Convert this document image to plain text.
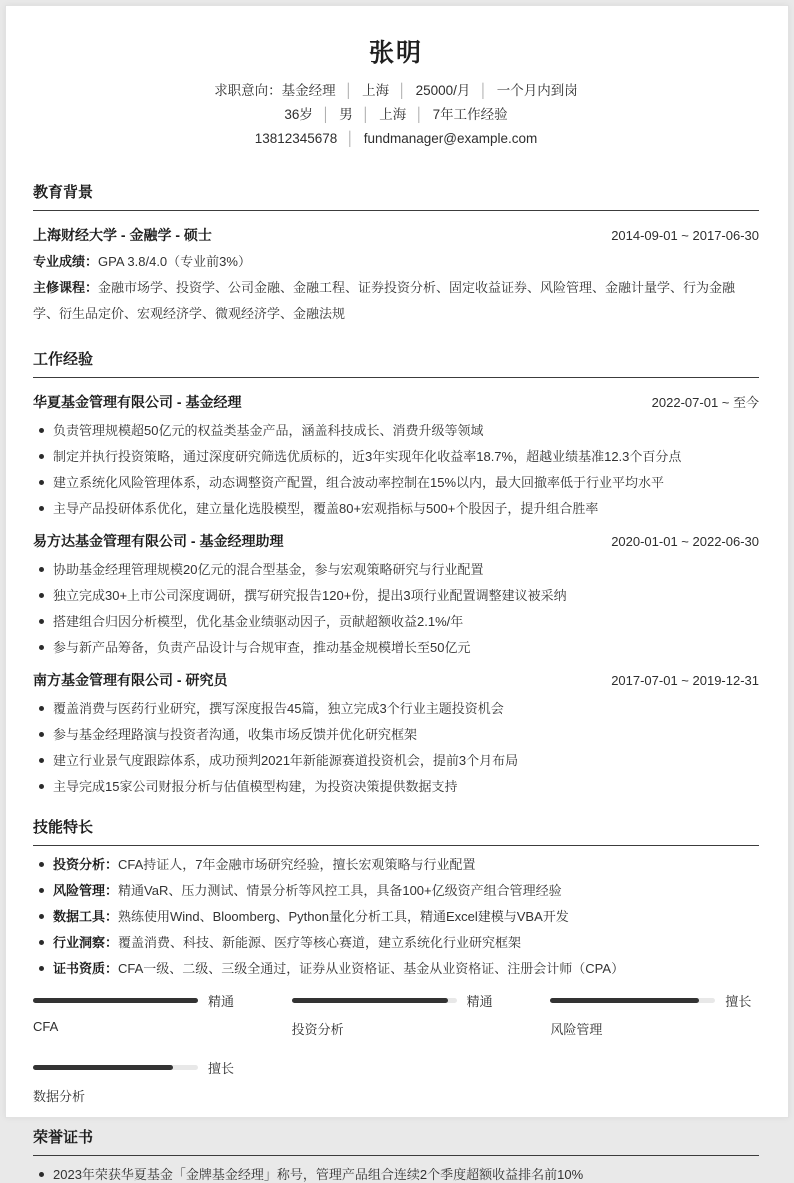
张明
求职意向：基金经理 │ 上海 │ 25000/月 │ 一个月内到岗
36岁 │ 男 │ 上海 │ 7年工作经验
13812345678 │ fundmanager@example.com
教育背景
上海财经大学 - 金融学 - 硕士	2014-09-01 ~ 2017-06-30

专业成绩：GPA 3.8/4.0（专业前3%）

主修课程：金融市场学、投资学、公司金融、金融工程、证券投资分析、固定收益证券、风险管理、金融计量学、行为金融学、衍生品定价、宏观经济学、微观经济学、金融法规

工作经验
华夏基金管理有限公司 - 基金经理	2022-07-01 ~ 至今
负责管理规模超50亿元的权益类基金产品，涵盖科技成长、消费升级等领域
制定并执行投资策略，通过深度研究筛选优质标的，近3年实现年化收益率18.7%，超越业绩基准12.3个百分点
建立系统化风险管理体系，动态调整资产配置，组合波动率控制在15%以内，最大回撤率低于行业平均水平
主导产品投研体系优化，建立量化选股模型，覆盖80+宏观指标与500+个股因子，提升组合胜率
易方达基金管理有限公司 - 基金经理助理	2020-01-01 ~ 2022-06-30
协助基金经理管理规模20亿元的混合型基金，参与宏观策略研究与行业配置
独立完成30+上市公司深度调研，撰写研究报告120+份，提出3项行业配置调整建议被采纳
搭建组合归因分析模型，优化基金业绩驱动因子，贡献超额收益2.1%/年
参与新产品筹备，负责产品设计与合规审查，推动基金规模增长至50亿元
南方基金管理有限公司 - 研究员	2017-07-01 ~ 2019-12-31
覆盖消费与医药行业研究，撰写深度报告45篇，独立完成3个行业主题投资机会
参与基金经理路演与投资者沟通，收集市场反馈并优化研究框架
建立行业景气度跟踪体系，成功预判2021年新能源赛道投资机会，提前3个月布局
主导完成15家公司财报分析与估值模型构建，为投资决策提供数据支持
技能特长
投资分析：CFA持证人，7年金融市场研究经验，擅长宏观策略与行业配置
风险管理：精通VaR、压力测试、情景分析等风控工具，具备100+亿级资产组合管理经验
数据工具：熟练使用Wind、Bloomberg、Python量化分析工具，精通Excel建模与VBA开发
行业洞察：覆盖消费、科技、新能源、医疗等核心赛道，建立系统化行业研究框架
证书资质：CFA一级、二级、三级全通过，证券从业资格证、基金从业资格证、注册会计师（CPA）
精通
CFA
精通
投资分析
擅长
风险管理
擅长
数据分析
荣誉证书
2023年荣获华夏基金「金牌基金经理」称号，管理产品组合连续2个季度超额收益排名前10%
